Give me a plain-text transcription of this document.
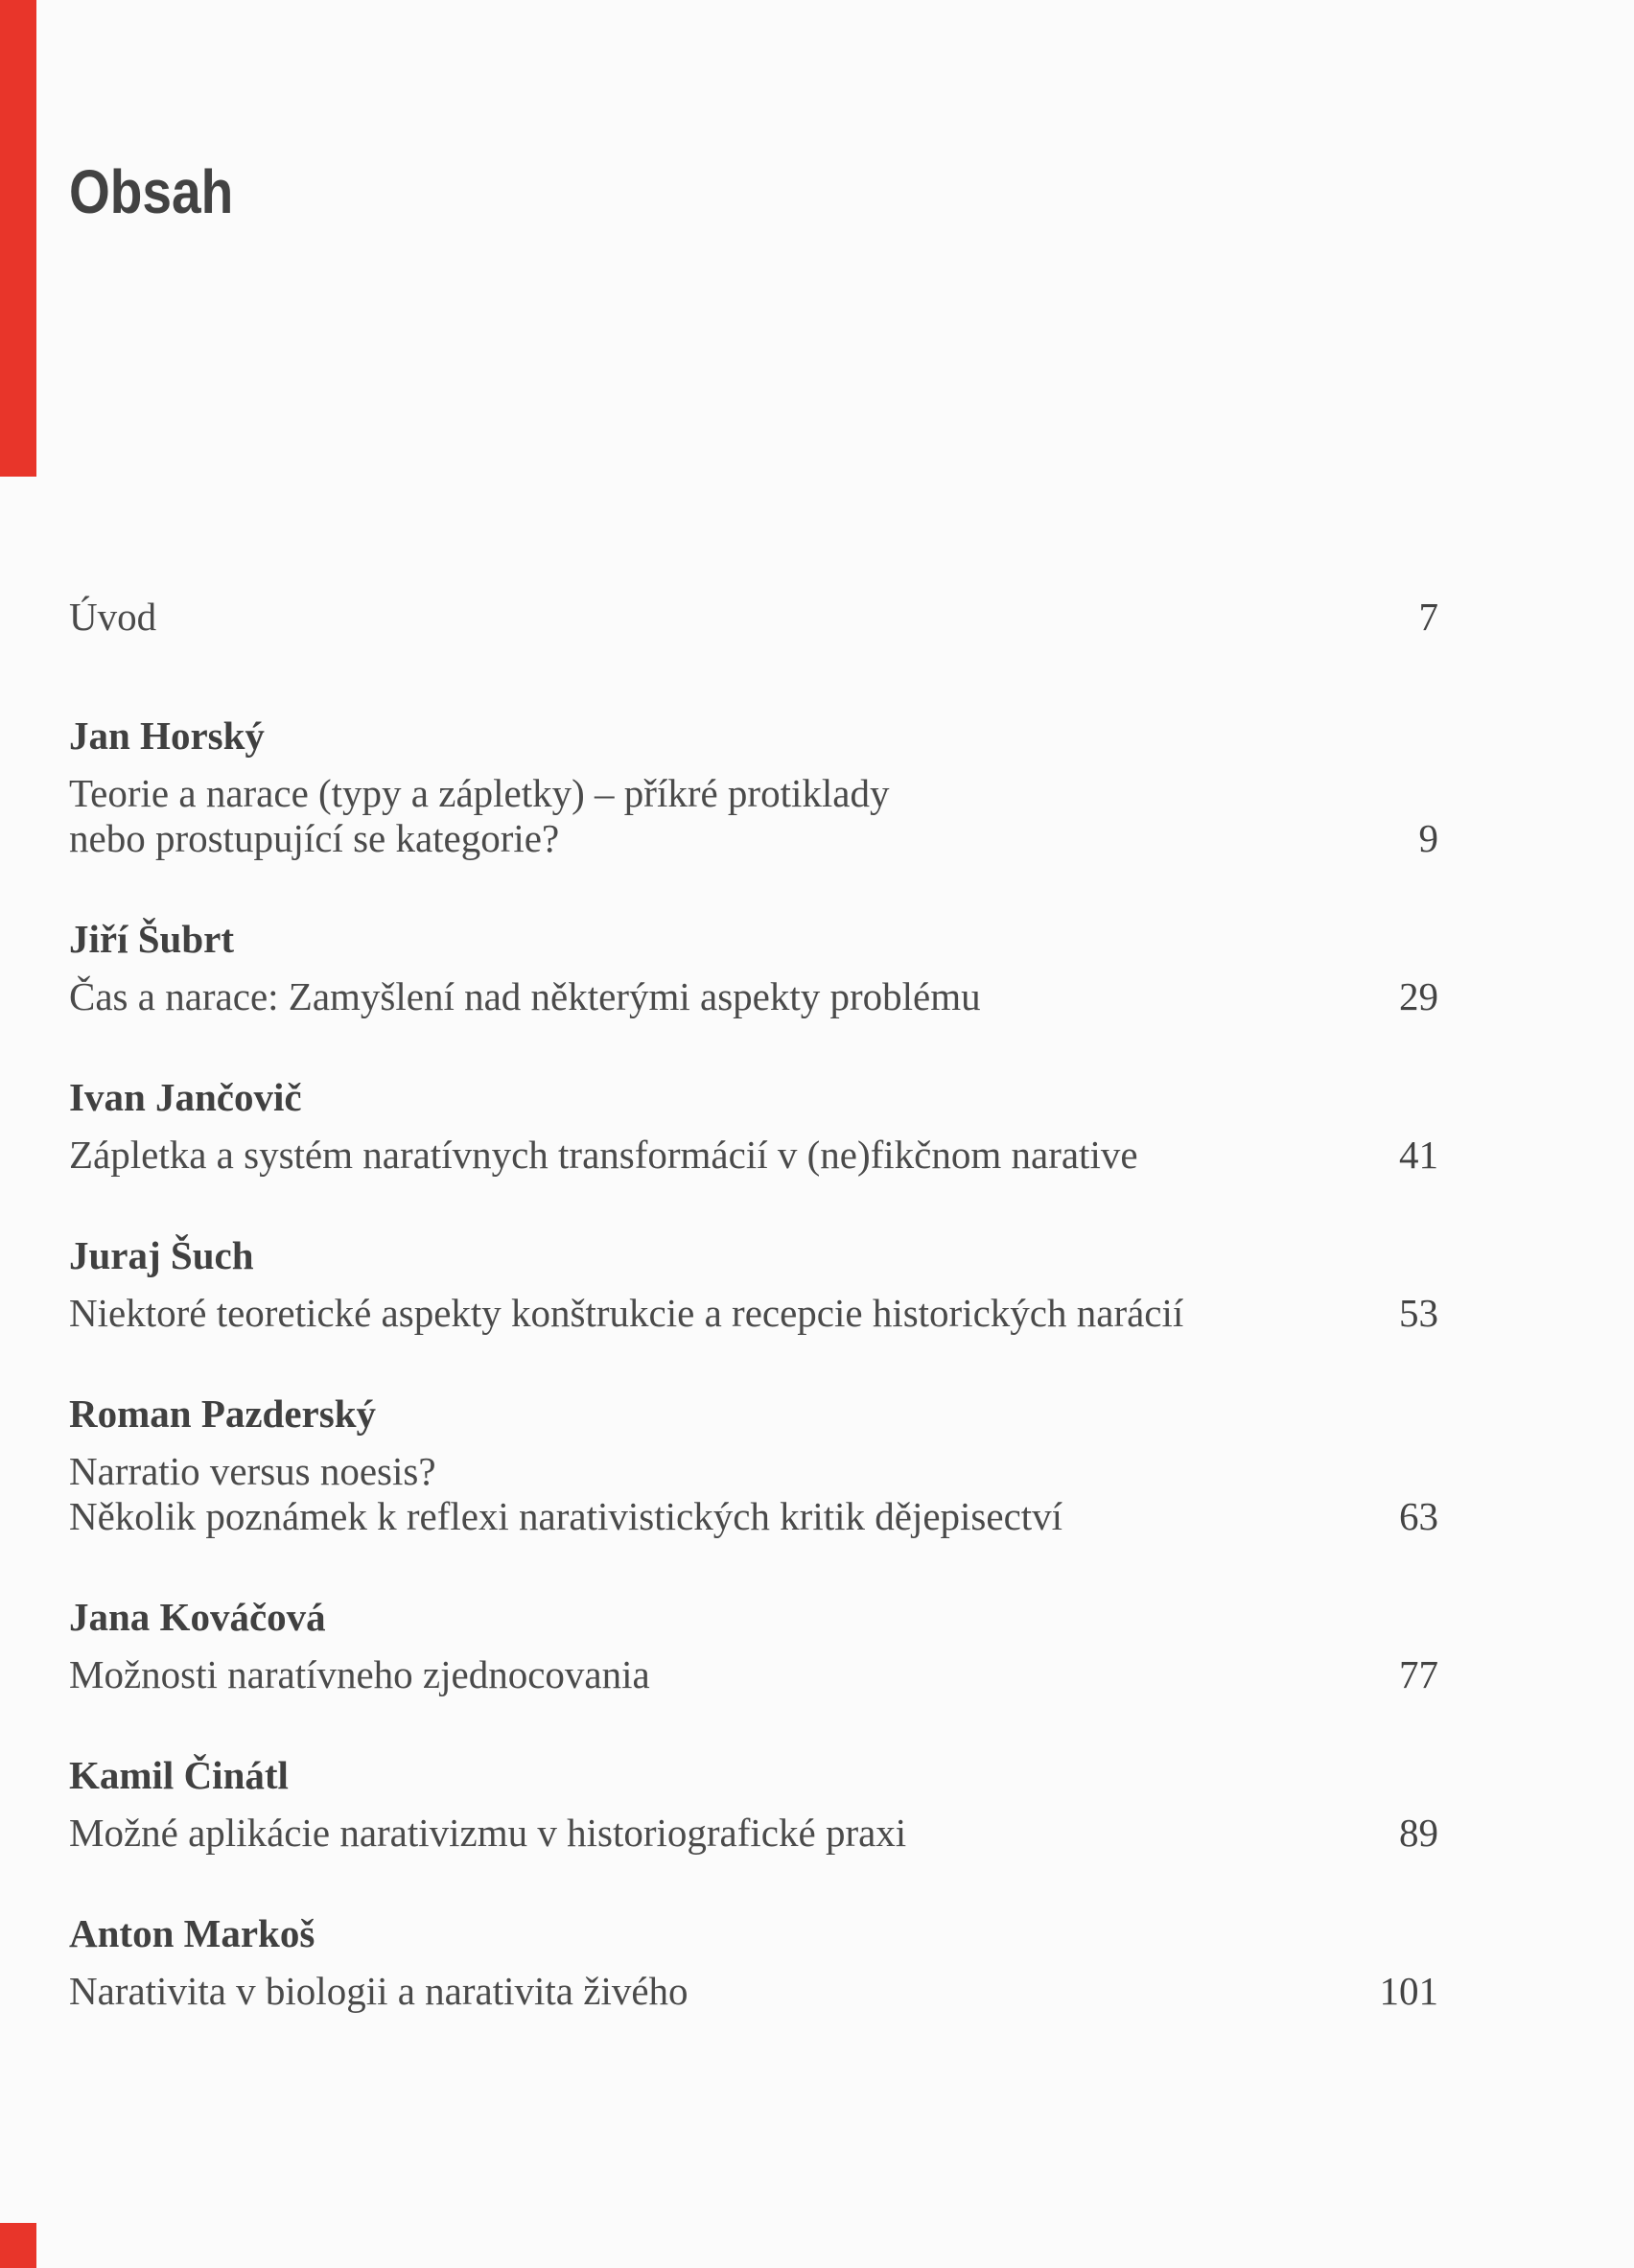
Obsah
Úvod	7
Jan Horský
Teorie a narace (typy a zápletky) – příkré protiklady
nebo prostupující se kategorie?	9
Jiří Šubrt
Čas a narace: Zamyšlení nad některými aspekty problému	29
Ivan Jančovič
Zápletka a systém naratívnych transformácií v (ne)fikčnom narative	41
Juraj Šuch
Niektoré teoretické aspekty konštrukcie a recepcie historických narácií	53
Roman Pazderský
Narratio versus noesis?
Několik poznámek k reflexi narativistických kritik dějepisectví	63
Jana Kováčová
Možnosti naratívneho zjednocovania	77
Kamil Činátl
Možné aplikácie narativizmu v historiografické praxi	89
Anton Markoš
Narativita v biologii a narativita živého	101
